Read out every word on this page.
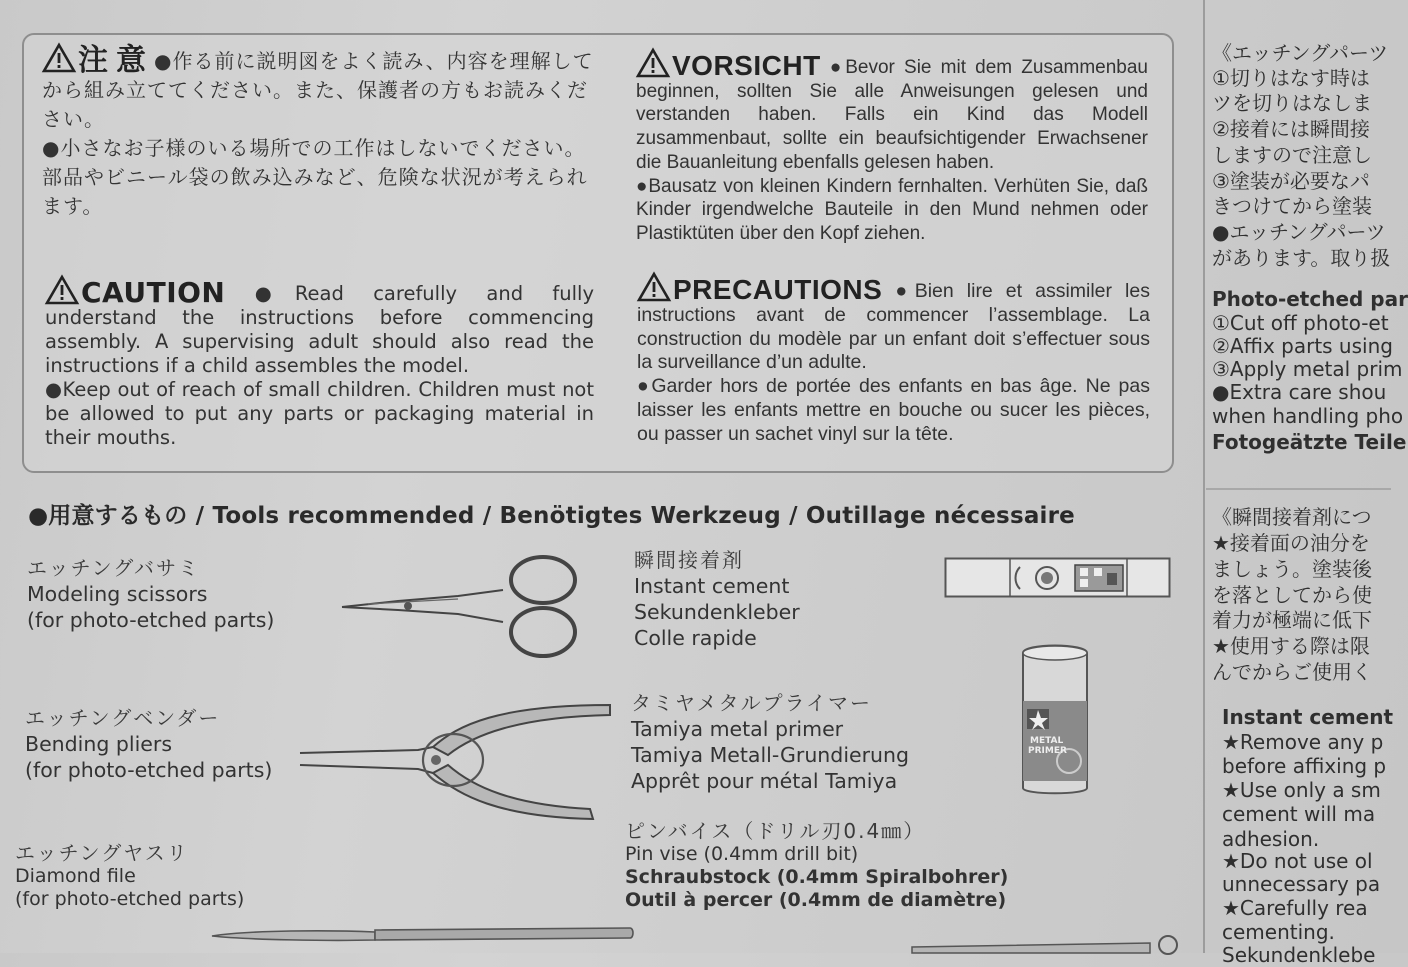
注意●作る前に説明図をよく読み、内容を理解してから組み立ててください。また、保護者の方もお読みください。

●小さなお子様のいる場所での工作はしないでください。部品やビニール袋の飲み込みなど、危険な状況が考えられます。

VORSICHT ●Bevor Sie mit dem Zusammenbau beginnen, sollten Sie alle Anweisungen gelesen und verstanden haben. Falls ein Kind das Modell zusammenbaut, sollte ein beaufsichtigender Erwachsener die Bauanleitung ebenfalls gelesen haben.

●Bausatz von kleinen Kindern fernhalten. Verhüten Sie, daß Kinder irgendwelche Bauteile in den Mund nehmen oder Plastiktüten über den Kopf ziehen.

CAUTION ●Read carefully and fully understand the instructions before commencing assembly. A supervising adult should also read the instructions if a child assembles the model.

●Keep out of reach of small children. Children must not be allowed to put any parts or packaging material in their mouths.

PRECAUTIONS ●Bien lire et assimiler les instructions avant de commencer l’assemblage. La construction du modèle par un enfant doit s’effectuer sous la surveillance d’un adulte.

●Garder hors de portée des enfants en bas âge. Ne pas laisser les enfants mettre en bouche ou sucer les pièces, ou passer un sachet vinyl sur la tête.

●用意するもの / Tools recommended / Benötigtes Werkzeug / Outillage nécessaire
エッチングバサミ
Modeling scissors
(for photo-etched parts)
エッチングベンダー
Bending pliers
(for photo-etched parts)
エッチングヤスリ
Diamond file
(for photo-etched parts)
瞬間接着剤
Instant cement
Sekundenkleber
Colle rapide
タミヤメタルプライマー
Tamiya metal primer
Tamiya Metall-Grundierung
Apprêt pour métal Tamiya
METAL
PRIMER
ピンバイス（ドリル刃0.4㎜）
Pin vise (0.4mm drill bit)
Schraubstock (0.4mm Spiralbohrer)
Outil à percer (0.4mm de diamètre)
《エッチングパーツ
①切りはなす時は
ツを切りはなしま
②接着には瞬間接
しますので注意し
③塗装が必要なパ
きつけてから塗装
●エッチングパーツ
があります。取り扱
Photo-etched par
①Cut off photo-et
②Affix parts using
③Apply metal prim
●Extra care shou
when handling pho
Fotogeätzte Teile
《瞬間接着剤につ
★接着面の油分を
ましょう。塗装後
を落としてから使
着力が極端に低下
★使用する際は限
んでからご使用く
Instant cement
★Remove any p
before affixing p
★Use only a sm
cement will ma
adhesion.
★Do not use ol
unnecessary pa
★Carefully rea
cementing.
Sekundenklebe
